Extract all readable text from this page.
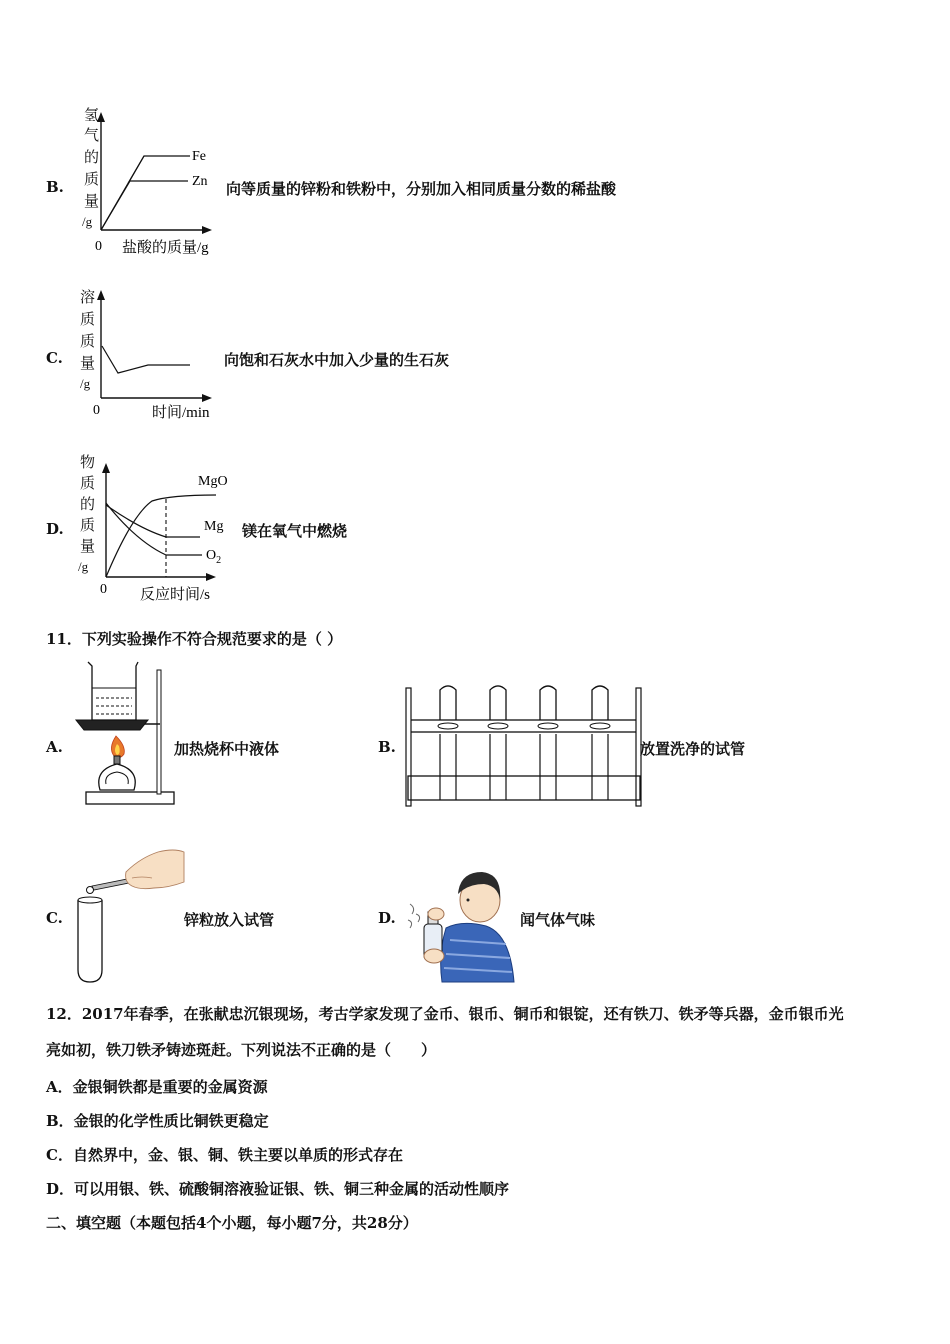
B.
氢
气
的
质
量
/g
Fe
Zn
0 盐酸的质量/g
向等质量的锌粉和铁粉中，分别加入相同质量分数的稀盐酸
C.
溶
质
质
量
/g
0	时间/min
向饱和石灰水中加入少量的生石灰
D.
物
质
的
质
量
/g
MgO
Mg
$O_2$
0 反应时间/s
镁在氧气中燃烧
11．下列实验操作不符合规范要求的是（ ）
A.	加热烧杯中液体	B.	放置洗净的试管
C.	锌粒放入试管	D.	闻气体气味
12．2017年春季，在张献忠沉银现场，考古学家发现了金币、银币、铜币和银锭，还有铁刀、铁矛等兵器，金币银币光
亮如初，铁刀铁矛铸迹斑赶。下列说法不正确的是（　　）
A．金银铜铁都是重要的金属资源
B．金银的化学性质比铜铁更稳定
C．自然界中，金、银、铜、铁主要以单质的形式存在
D．可以用银、铁、硫酸铜溶液验证银、铁、铜三种金属的活动性顺序
二、填空题（本题包括4个小题，每小题7分，共28分）
